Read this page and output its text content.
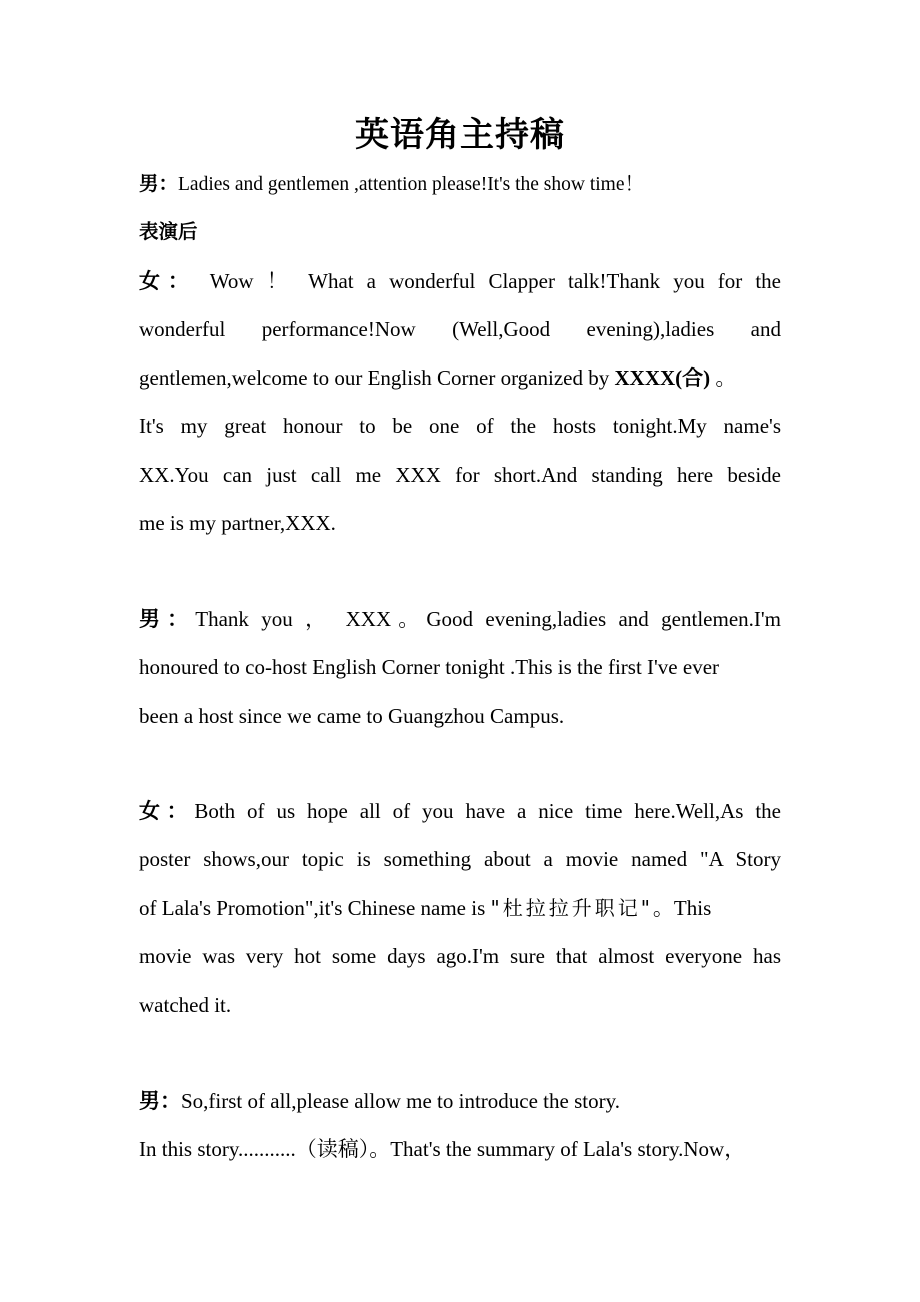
英语角主持稿

男：Ladies and gentlemen ,attention please!It's the show time！

表演后

女： Wow ！ What a wonderful Clapper talk!Thank you for the
wonderful performance!Now (Well,Good evening),ladies and
gentlemen,welcome to our English Corner organized by XXXX(合) 。
It's my great honour to be one of the hosts tonight.My name's
XX.You can just call me XXX for short.And standing here beside
me is my partner,XXX.
男：Thank you ， XXX。Good evening,ladies and gentlemen.I'm
honoured to co-host English Corner tonight .This is the first I've ever
been a host since we came to Guangzhou Campus.
女：Both of us hope all of you have a nice time here.Well,As the
poster shows,our topic is something about a movie named "A Story
of Lala's Promotion",it's Chinese name is "杜拉拉升职记"。This
movie was very hot some days ago.I'm sure that almost everyone has
watched it.
男：So,first of all,please allow me to introduce the story.
In this story...........（读稿）。That's the summary of Lala's story.Now，
